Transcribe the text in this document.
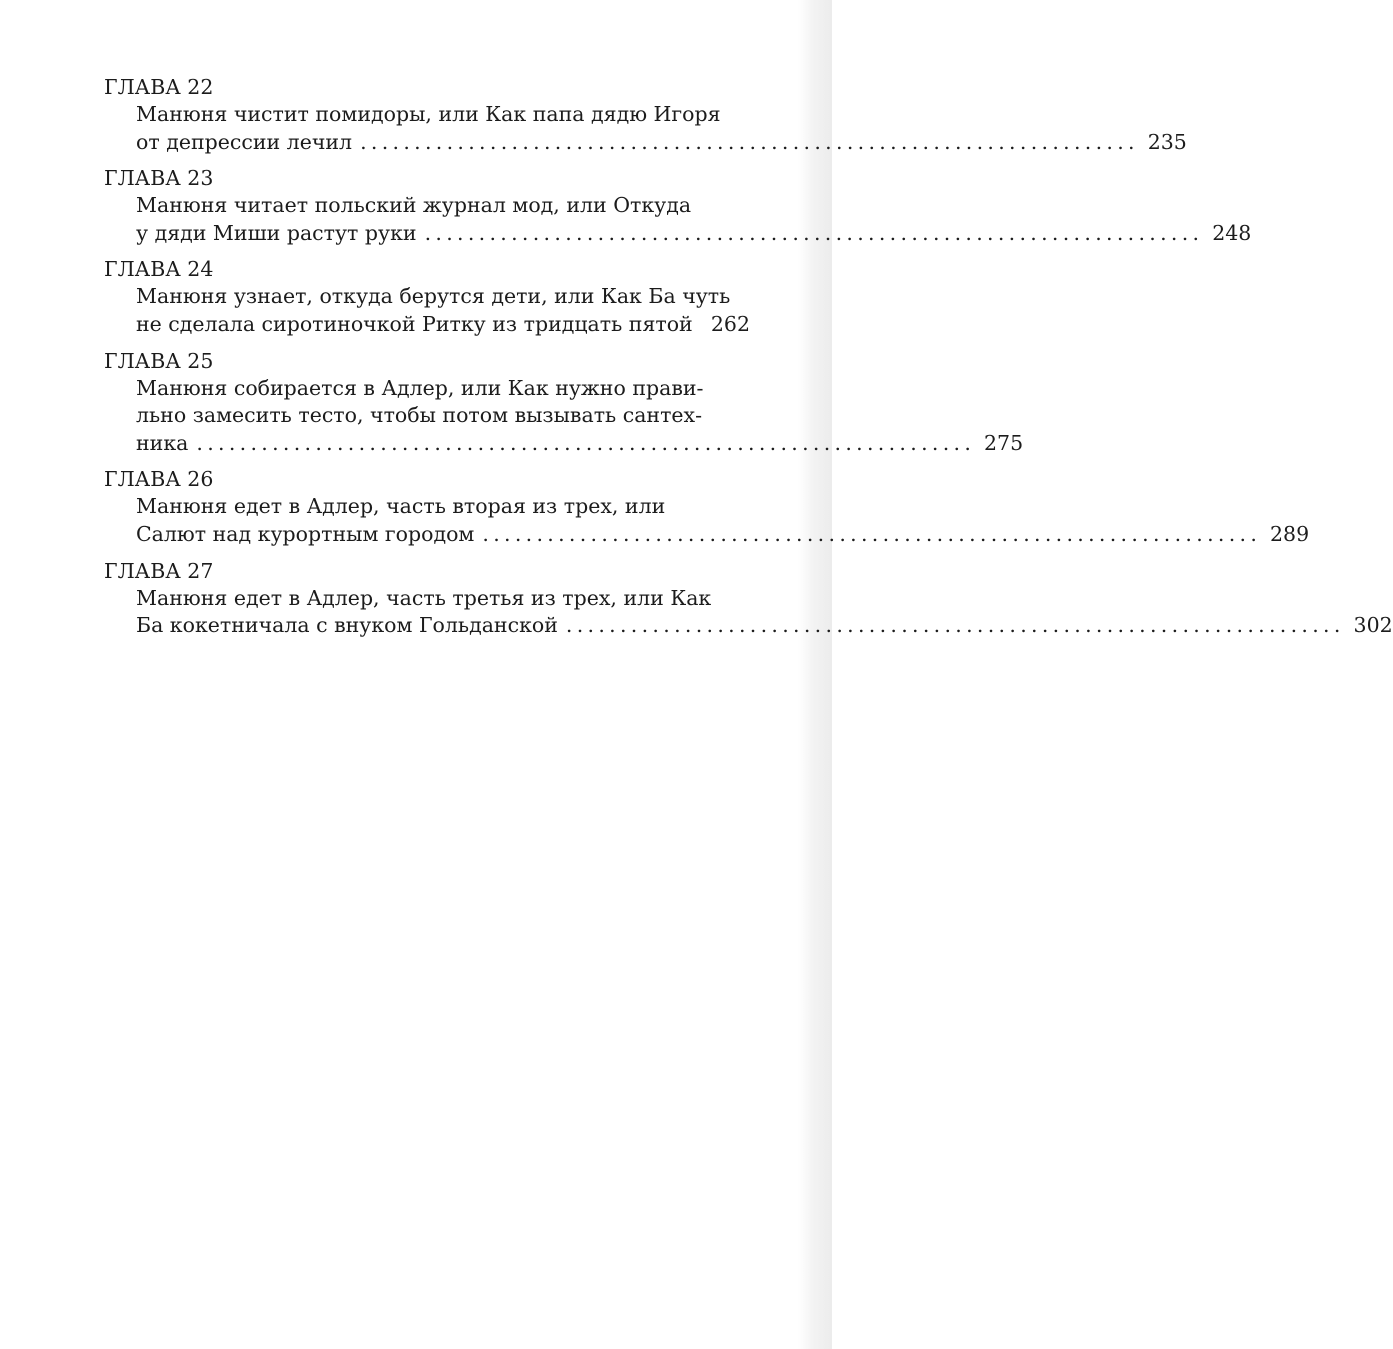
ГЛАВА 22
Манюня чистит помидоры, или Как папа дядю Игоря
от депрессии лечил ........................................................................ 235
ГЛАВА 23
Манюня читает польский журнал мод, или Откуда
у дяди Миши растут руки ........................................................................ 248
ГЛАВА 24
Манюня узнает, откуда берутся дети, или Как Ба чуть
не сделала сиротиночкой Ритку из тридцать пятой 262
ГЛАВА 25
Манюня собирается в Адлер, или Как нужно прави-
льно замесить тесто, чтобы потом вызывать сантех-
ника ........................................................................ 275
ГЛАВА 26
Манюня едет в Адлер, часть вторая из трех, или
Салют над курортным городом ........................................................................ 289
ГЛАВА 27
Манюня едет в Адлер, часть третья из трех, или Как
Ба кокетничала с внуком Гольданской ........................................................................ 302
